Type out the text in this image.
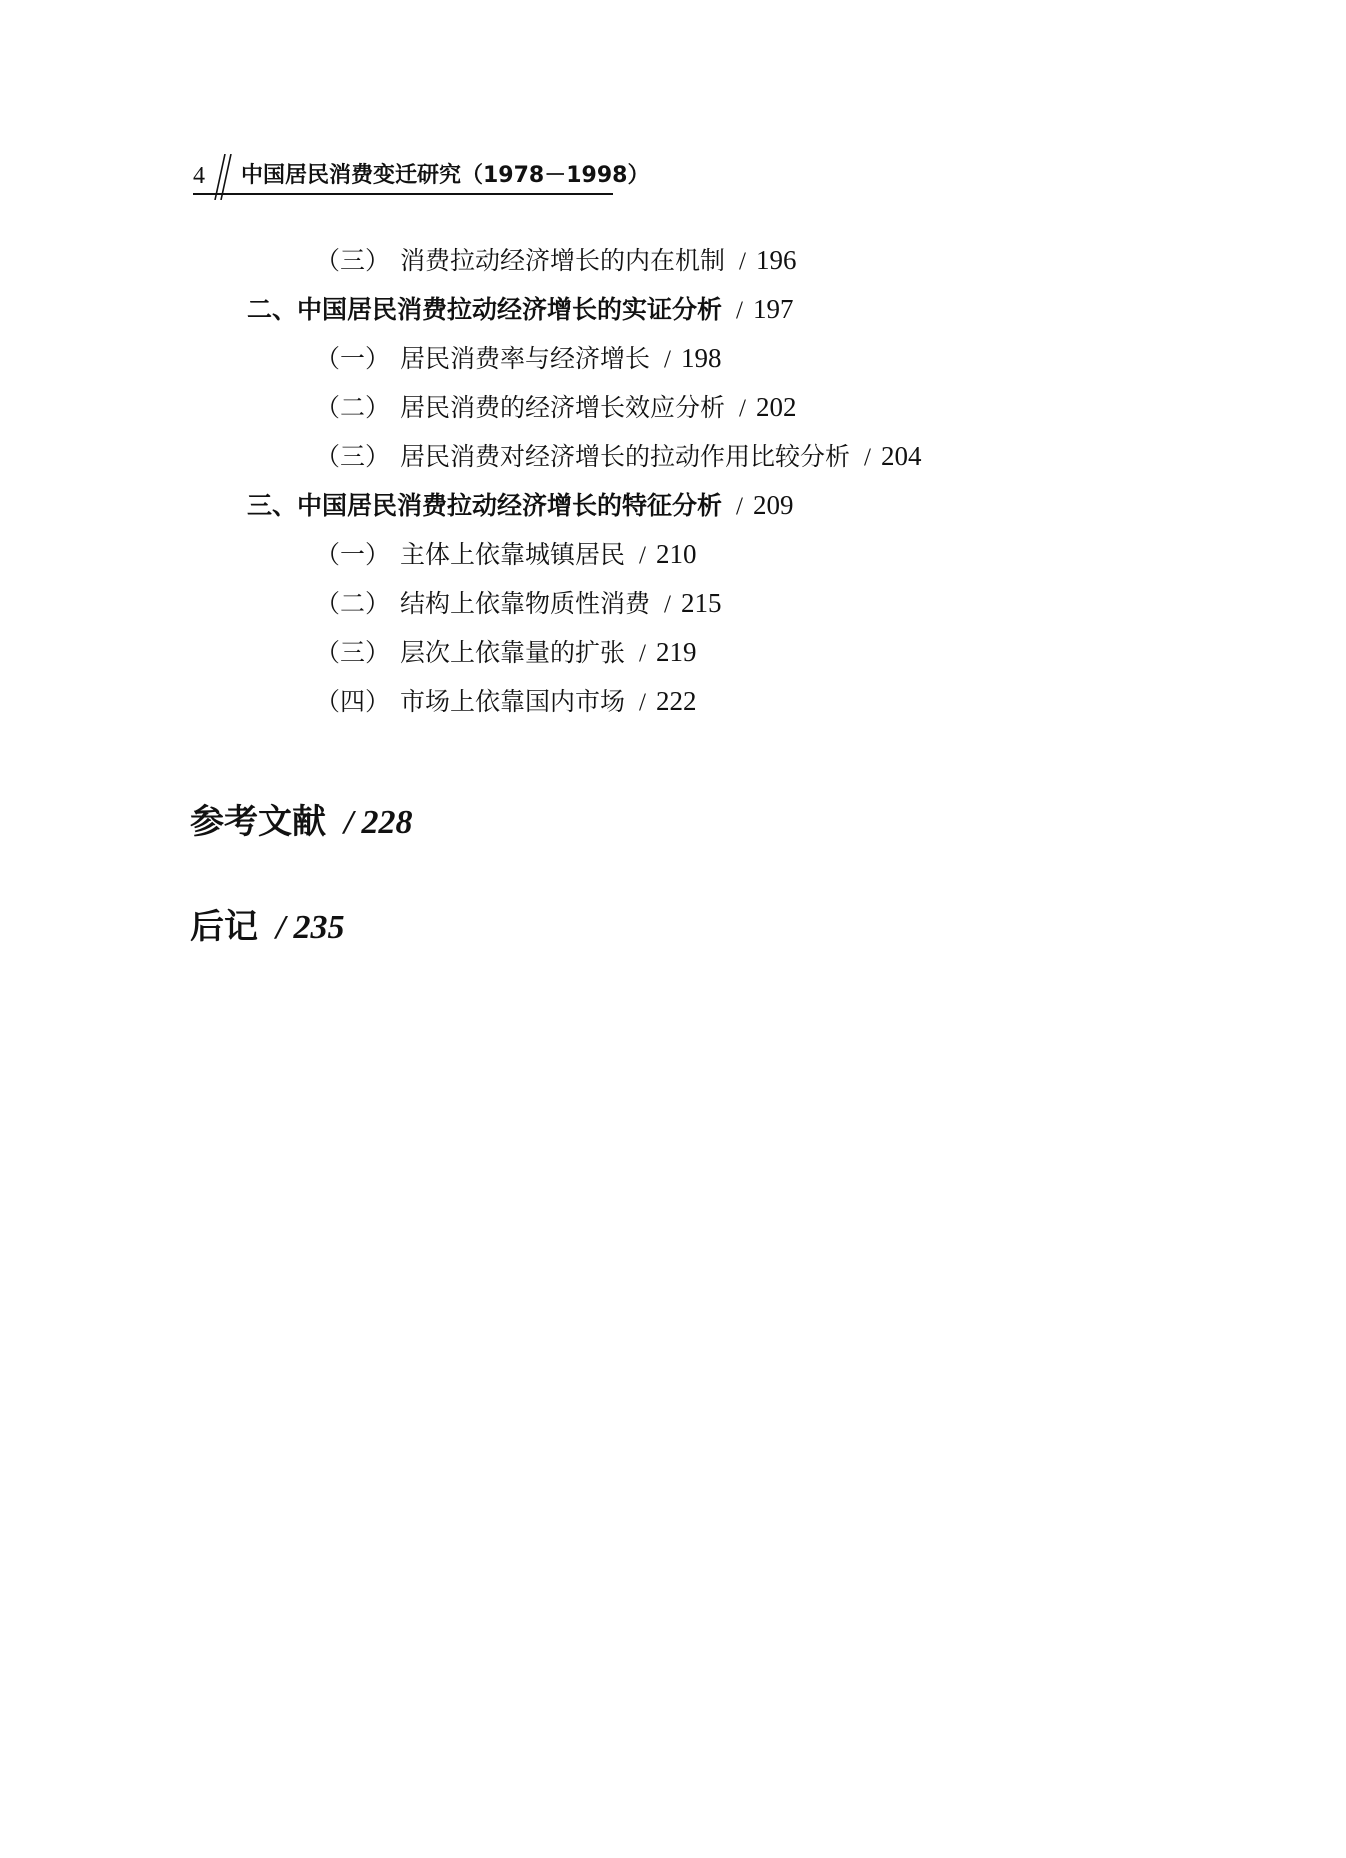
4 中国居民消费变迁研究（1978－1998）
（三） 消费拉动经济增长的内在机制 / 196
二、中国居民消费拉动经济增长的实证分析 / 197
（一） 居民消费率与经济增长 / 198
（二） 居民消费的经济增长效应分析 / 202
（三） 居民消费对经济增长的拉动作用比较分析 / 204
三、中国居民消费拉动经济增长的特征分析 / 209
（一） 主体上依靠城镇居民 / 210
（二） 结构上依靠物质性消费 / 215
（三） 层次上依靠量的扩张 / 219
（四） 市场上依靠国内市场 / 222
参考文献 / 228
后记 / 235
